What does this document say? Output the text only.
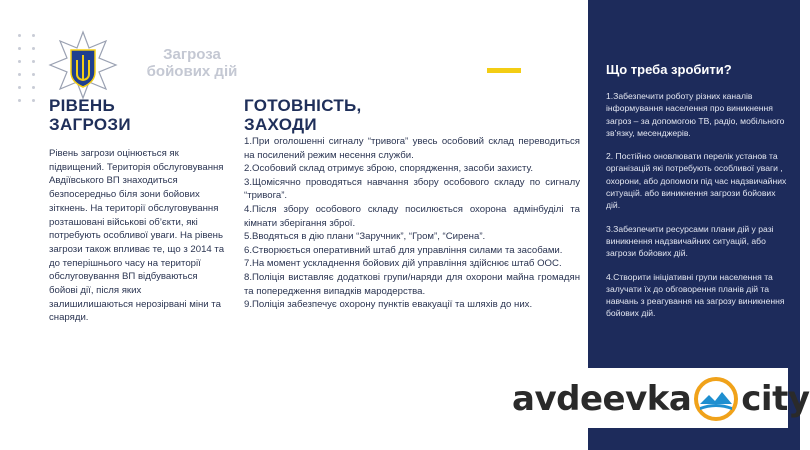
Загроза бойових дій
РІВЕНЬ
ЗАГРОЗИ
Рівень загрози оцінюється як підвищений. Територія обслуговування Авдіївського ВП знаходиться безпосередньо біля зони бойових зіткнень. На території обслуговування розташовані військові об’єкти, які потребують особливої уваги. На рівень загрози також впливає те, що з 2014 та до теперішнього часу на території обслуговування ВП відбуваються бойові дії, після яких залишилишаються нерозірвані міни та снаряди.
ГОТОВНІСТЬ,
ЗАХОДИ

1.При оголошенні сигналу “тривога” увесь особовий склад переводиться на посилений режим несення служби.

2.Особовий склад отримує зброю, спорядження, засоби захисту.

3.Щомісячно проводяться навчання збору особового складу по сигналу “тривога”.

4.Після збору особового складу посилюється охорона адмінбуділі та кімнати зберігання зброї.

5.Вводяться в дію плани “Заручник”, “Гром”, “Сирена”.

6.Створюється оперативний штаб для управління силами та засобами.

7.На момент ускладнення бойових дій управління здійснює штаб ООС.

8.Поліція виставляє додаткові групи/наряди для охорони майна громадян та попередження випадків мародерства.

9.Поліція забезпечує охорону пунктів евакуації та шляхів до них.

Що треба зробити?

1.Забезпечити роботу різних каналів інформування населення про виникнення загроз – за допомогою ТВ, радіо, мобільного зв’язку, месенджерів.

2. Постійно оновлювати перелік установ та організацій які потребують особливої уваги , охорони, або допомоги під час надзвичайних ситуацій. або виникнення загрози бойових дій.

3.Забезпечити ресурсами плани дій у разі виникнення надзвичайних ситуацій, або загрози бойових дій.

4.Створити ініціативні групи населення та залучати їх до обговорення планів дій та навчань з реагування на загрозу виникнення бойових дій.

avdeevka city
